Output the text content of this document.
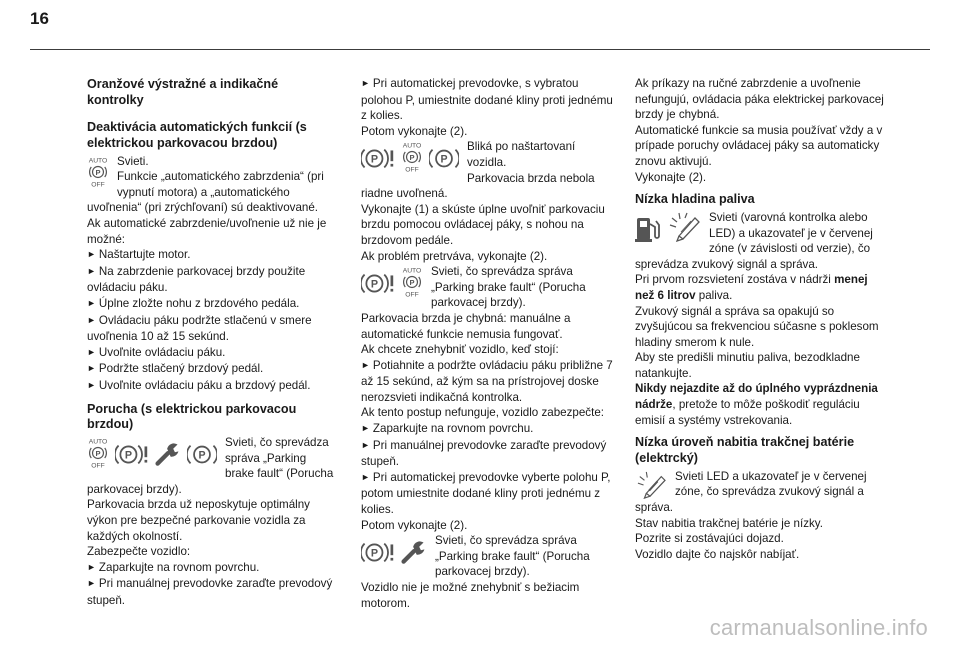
16
Oranžové výstražné a indikačné kontrolky
Deaktivácia automatických funkcií (s elektrickou parkovacou brzdou)

Svieti.

Funkcie „automatického zabrzdenia“ (pri vypnutí motora) a „automatického uvoľnenia“ (pri zrýchľovaní) sú deaktivované.

Ak automatické zabrzdenie/uvoľnenie už nie je možné:

► Naštartujte motor.

► Na zabrzdenie parkovacej brzdy použite ovládaciu páku.

► Úplne zložte nohu z brzdového pedála.

► Ovládaciu páku podržte stlačenú v smere uvoľnenia 10 až 15 sekúnd.

► Uvoľnite ovládaciu páku.

► Podržte stlačený brzdový pedál.

► Uvoľnite ovládaciu páku a brzdový pedál.

Porucha (s elektrickou parkovacou brzdou)

Svieti, čo sprevádza správa „Parking brake fault“ (Porucha parkovacej brzdy).

Parkovacia brzda už neposkytuje optimálny výkon pre bezpečné parkovanie vozidla za každých okolností.

Zabezpečte vozidlo:

► Zaparkujte na rovnom povrchu.

► Pri manuálnej prevodovke zaraďte prevodový stupeň.

► Pri automatickej prevodovke, s vybratou polohou P, umiestnite dodané kliny proti jednému z kolies.

Potom vykonajte (2).

Bliká po naštartovaní vozidla.

Parkovacia brzda nebola riadne uvoľnená.

Vykonajte (1) a skúste úplne uvoľniť parkovaciu brzdu pomocou ovládacej páky, s nohou na brzdovom pedále.

Ak problém pretrváva, vykonajte (2).

Svieti, čo sprevádza správa „Parking brake fault“ (Porucha parkovacej brzdy).

Parkovacia brzda je chybná: manuálne a automatické funkcie nemusia fungovať.

Ak chcete znehybniť vozidlo, keď stojí:

► Potiahnite a podržte ovládaciu páku približne 7 až 15 sekúnd, až kým sa na prístrojovej doske nerozsvieti indikačná kontrolka.

Ak tento postup nefunguje, vozidlo zabezpečte:

► Zaparkujte na rovnom povrchu.

► Pri manuálnej prevodovke zaraďte prevodový stupeň.

► Pri automatickej prevodovke vyberte polohu P, potom umiestnite dodané kliny proti jednému z kolies.

Potom vykonajte (2).

Svieti, čo sprevádza správa „Parking brake fault“ (Porucha parkovacej brzdy).

Vozidlo nie je možné znehybniť s bežiacim motorom.

Ak príkazy na ručné zabrzdenie a uvoľnenie nefungujú, ovládacia páka elektrickej parkovacej brzdy je chybná.

Automatické funkcie sa musia používať vždy a v prípade poruchy ovládacej páky sa automaticky znovu aktivujú.

Vykonajte (2).

Nízka hladina paliva

Svieti (varovná kontrolka alebo LED) a ukazovateľ je v červenej zóne (v závislosti od verzie), čo sprevádza zvukový signál a správa.

Pri prvom rozsvietení zostáva v nádrži menej než 6 litrov paliva.

Zvukový signál a správa sa opakujú so zvyšujúcou sa frekvenciou súčasne s poklesom hladiny smerom k nule.

Aby ste predišli minutiu paliva, bezodkladne natankujte.

Nikdy nejazdite až do úplného vyprázdnenia nádrže, pretože to môže poškodiť reguláciu emisií a systémy vstrekovania.

Nízka úroveň nabitia trakčnej batérie (elektrcký)

Svieti LED a ukazovateľ je v červenej zóne, čo sprevádza zvukový signál a správa.

Stav nabitia trakčnej batérie je nízky.

Pozrite si zostávajúci dojazd.

Vozidlo dajte čo najskôr nabíjať.

carmanualsonline.info
